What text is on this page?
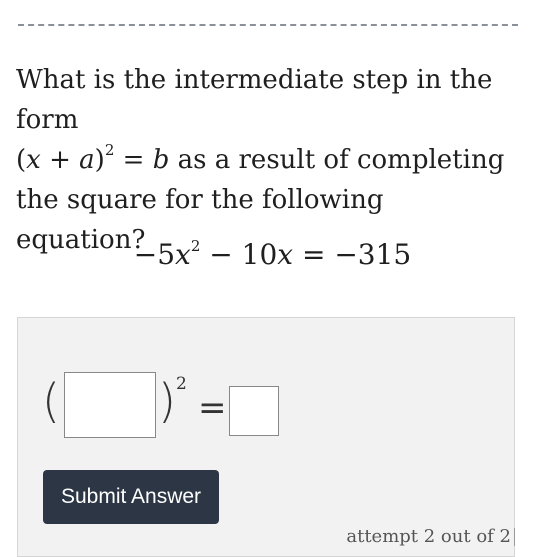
What is the intermediate step in the form
$(x + a)^2 = b$ as a result of completing
the square for the following equation?
$-5x^2 - 10x = -315$
( ) 2
=
Submit Answer
attempt 2 out of 2
